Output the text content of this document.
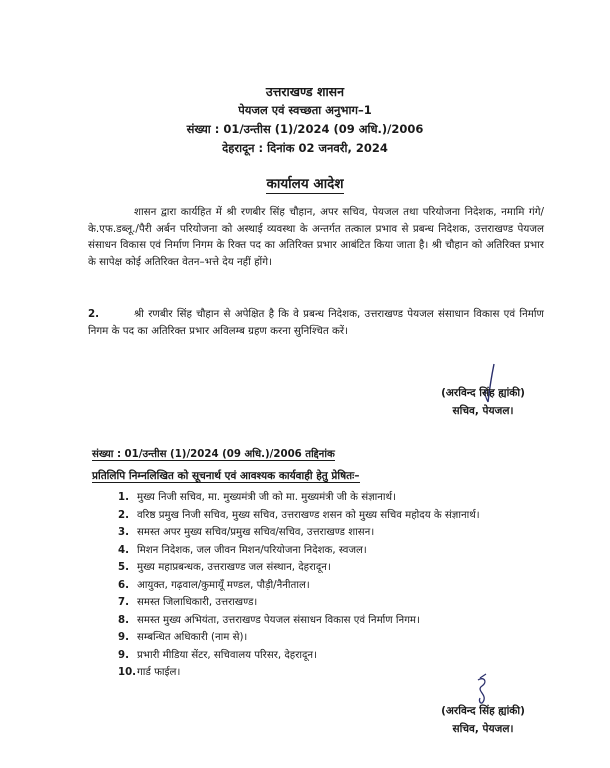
उत्तराखण्ड शासन
पेयजल एवं स्वच्छता अनुभाग–1
संख्या : 01/उन्तीस (1)/2024 (09 अधि.)/2006
देहरादून : दिनांक 02 जनवरी, 2024
कार्यालय आदेश
शासन द्वारा कार्यहित में श्री रणबीर सिंह चौहान, अपर सचिव, पेयजल तथा परियोजना निदेशक, नमामि गंगे/के.एफ.डब्लू./पैरी अर्बन परियोजना को अस्थाई व्यवस्था के अन्तर्गत तत्काल प्रभाव से प्रबन्ध निदेशक, उत्तराखण्ड पेयजल संसाधन विकास एवं निर्माण निगम के रिक्त पद का अतिरिक्त प्रभार आबंटित किया जाता है। श्री चौहान को अतिरिक्त प्रभार के सापेक्ष कोई अतिरिक्त वेतन–भत्ते देय नहीं होंगे।
2.	श्री रणबीर सिंह चौहान से अपेक्षित है कि वे प्रबन्ध निदेशक, उत्तराखण्ड पेयजल संसाधान विकास एवं निर्माण निगम के पद का अतिरिक्त प्रभार अविलम्ब ग्रहण करना सुनिश्चित करें।
(अरविन्द सिंह ह्यांकी)
सचिव, पेयजल।
संख्या : 01/उन्तीस (1)/2024 (09 अधि.)/2006 तद्दिनांक
प्रतिलिपि निम्नलिखित को सूचनार्थ एवं आवश्यक कार्यवाही हेतु प्रेषितः–
1. मुख्य निजी सचिव, मा. मुख्यमंत्री जी को मा. मुख्यमंत्री जी के संज्ञानार्थ।
2. वरिष्ठ प्रमुख निजी सचिव, मुख्य सचिव, उत्तराखण्ड शसन को मुख्य सचिव महोदय के संज्ञानार्थ।
3. समस्त अपर मुख्य सचिव/प्रमुख सचिव/सचिव, उत्तराखण्ड शासन।
4. मिशन निदेशक, जल जीवन मिशन/परियोजना निदेशक, स्वजल।
5. मुख्य महाप्रबन्धक, उत्तराखण्ड जल संस्थान, देहरादून।
6. आयुक्त, गढ़वाल/कुमायूँ मण्डल, पौड़ी/नैनीताल।
7. समस्त जिलाधिकारी, उत्तराखण्ड।
8. समस्त मुख्य अभियंता, उत्तराखण्ड पेयजल संसाधन विकास एवं निर्माण निगम।
9. सम्बन्धित अधिकारी (नाम से)।
9. प्रभारी मीडिया सेंटर, सचिवालय परिसर, देहरादून।
10. गार्ड फाईल।
(अरविन्द सिंह ह्यांकी)
सचिव, पेयजल।
